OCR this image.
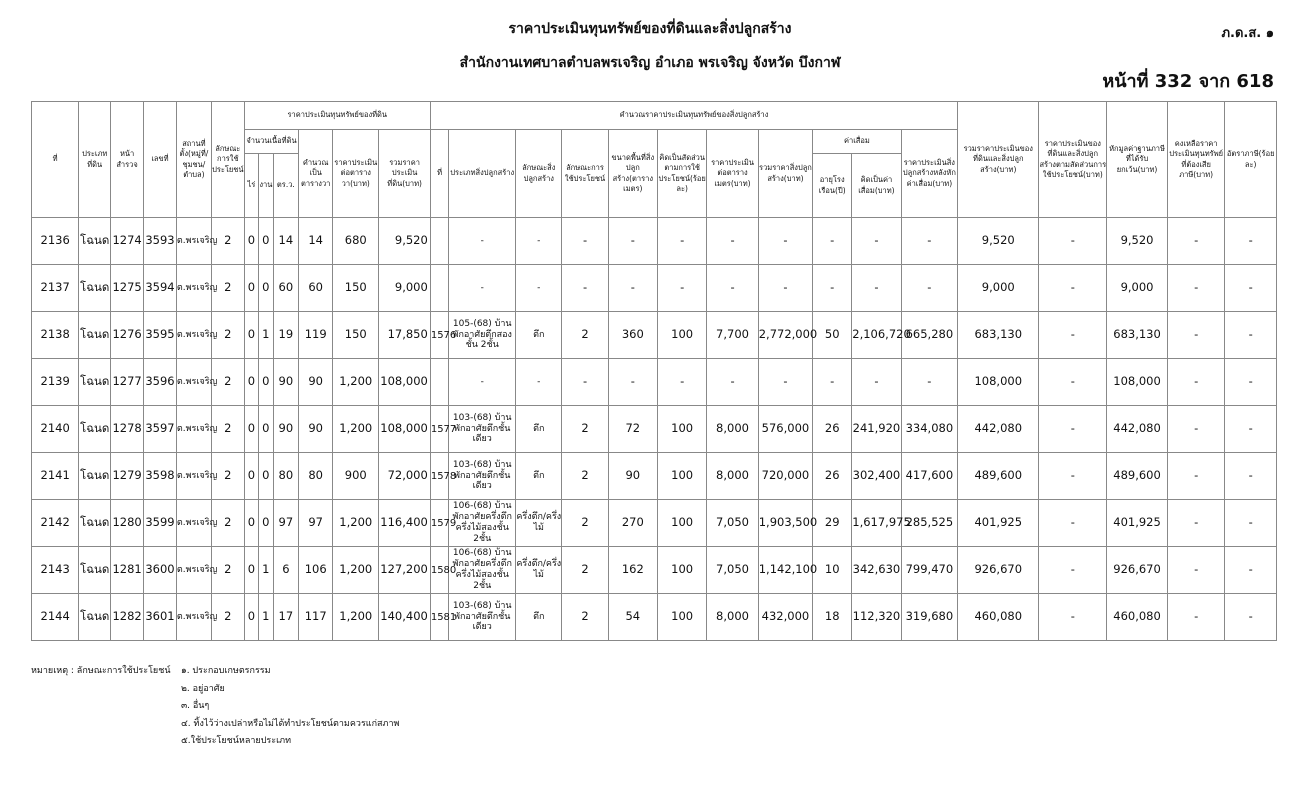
ราคาประเมินทุนทรัพย์ของที่ดินและสิ่งปลูกสร้าง
สำนักงานเทศบาลตำบลพรเจริญ อำเภอ พรเจริญ จังหวัด บึงกาฬ
ภ.ด.ส. ๑
หน้าที่ 332 จาก 618
ที่	ประเภทที่ดิน	หน้าสำรวจ	เลขที่	สถานที่ตั้ง(หมู่ที่/ชุมชน/ตำบล)	ลักษณะการใช้ประโยชน์	ราคาประเมินทุนทรัพย์ของที่ดิน						คำนวณราคาประเมินทุนทรัพย์ของสิ่งปลูกสร้าง											รวมราคาประเมินของที่ดินและสิ่งปลูกสร้าง(บาท)	ราคาประเมินของที่ดินและสิ่งปลูกสร้างตามสัดส่วนการใช้ประโยชน์(บาท)	หักมูลค่าฐานภาษีที่ได้รับยกเว้น(บาท)	คงเหลือราคาประเมินทุนทรัพย์ที่ต้องเสียภาษี(บาท)	อัตราภาษี(ร้อยละ)
						จำนวนเนื้อที่ดิน			คำนวณเป็นตารางวา	ราคาประเมินต่อตารางวา(บาท)	รวมราคาประเมินที่ดิน(บาท)	ที่	ประเภทสิ่งปลูกสร้าง	ลักษณะสิ่งปลูกสร้าง	ลักษณะการใช้ประโยชน์	ขนาดพื้นที่สิ่งปลูกสร้าง(ตารางเมตร)	คิดเป็นสัดส่วนตามการใช้ประโยชน์(ร้อยละ)	ราคาประเมินต่อตารางเมตร(บาท)	รวมราคาสิ่งปลูกสร้าง(บาท)	ค่าเสื่อม		ราคาประเมินสิ่งปลูกสร้างหลังหักค่าเสื่อม(บาท)					
						ไร่	งาน	ตร.ว.												อายุโรงเรือน(ปี)	คิดเป็นค่าเสื่อม(บาท)						
2136	โฉนด	1274	3593	ต.พรเจริญ	2	0	0	14	14	680	9,520		-	-	-	-	-	-	-	-	-	-	9,520	-	9,520	-	-
2137	โฉนด	1275	3594	ต.พรเจริญ	2	0	0	60	60	150	9,000		-	-	-	-	-	-	-	-	-	-	9,000	-	9,000	-	-
2138	โฉนด	1276	3595	ต.พรเจริญ	2	0	1	19	119	150	17,850	1576	105-(68) บ้านพักอาศัยตึกสองชั้น 2ชั้น	ตึก	2	360	100	7,700	2,772,000	50	2,106,720	665,280	683,130	-	683,130	-	-
2139	โฉนด	1277	3596	ต.พรเจริญ	2	0	0	90	90	1,200	108,000		-	-	-	-	-	-	-	-	-	-	108,000	-	108,000	-	-
2140	โฉนด	1278	3597	ต.พรเจริญ	2	0	0	90	90	1,200	108,000	1577	103-(68) บ้านพักอาศัยตึกชั้นเดียว	ตึก	2	72	100	8,000	576,000	26	241,920	334,080	442,080	-	442,080	-	-
2141	โฉนด	1279	3598	ต.พรเจริญ	2	0	0	80	80	900	72,000	1578	103-(68) บ้านพักอาศัยตึกชั้นเดียว	ตึก	2	90	100	8,000	720,000	26	302,400	417,600	489,600	-	489,600	-	-
2142	โฉนด	1280	3599	ต.พรเจริญ	2	0	0	97	97	1,200	116,400	1579	106-(68) บ้านพักอาศัยครึ่งตึกครึ่งไม้สองชั้น 2ชั้น	ครึ่งตึก/ครึ่งไม้	2	270	100	7,050	1,903,500	29	1,617,975	285,525	401,925	-	401,925	-	-
2143	โฉนด	1281	3600	ต.พรเจริญ	2	0	1	6	106	1,200	127,200	1580	106-(68) บ้านพักอาศัยครึ่งตึกครึ่งไม้สองชั้น 2ชั้น	ครึ่งตึก/ครึ่งไม้	2	162	100	7,050	1,142,100	10	342,630	799,470	926,670	-	926,670	-	-
2144	โฉนด	1282	3601	ต.พรเจริญ	2	0	1	17	117	1,200	140,400	1581	103-(68) บ้านพักอาศัยตึกชั้นเดียว	ตึก	2	54	100	8,000	432,000	18	112,320	319,680	460,080	-	460,080	-	-
หมายเหตุ : ลักษณะการใช้ประโยชน์ ๑. ประกอบเกษตรกรรม
๒. อยู่อาศัย
๓. อื่นๆ
๔. ทิ้งไว้ว่างเปล่าหรือไม่ได้ทำประโยชน์ตามควรแก่สภาพ
๕.ใช้ประโยชน์หลายประเภท
